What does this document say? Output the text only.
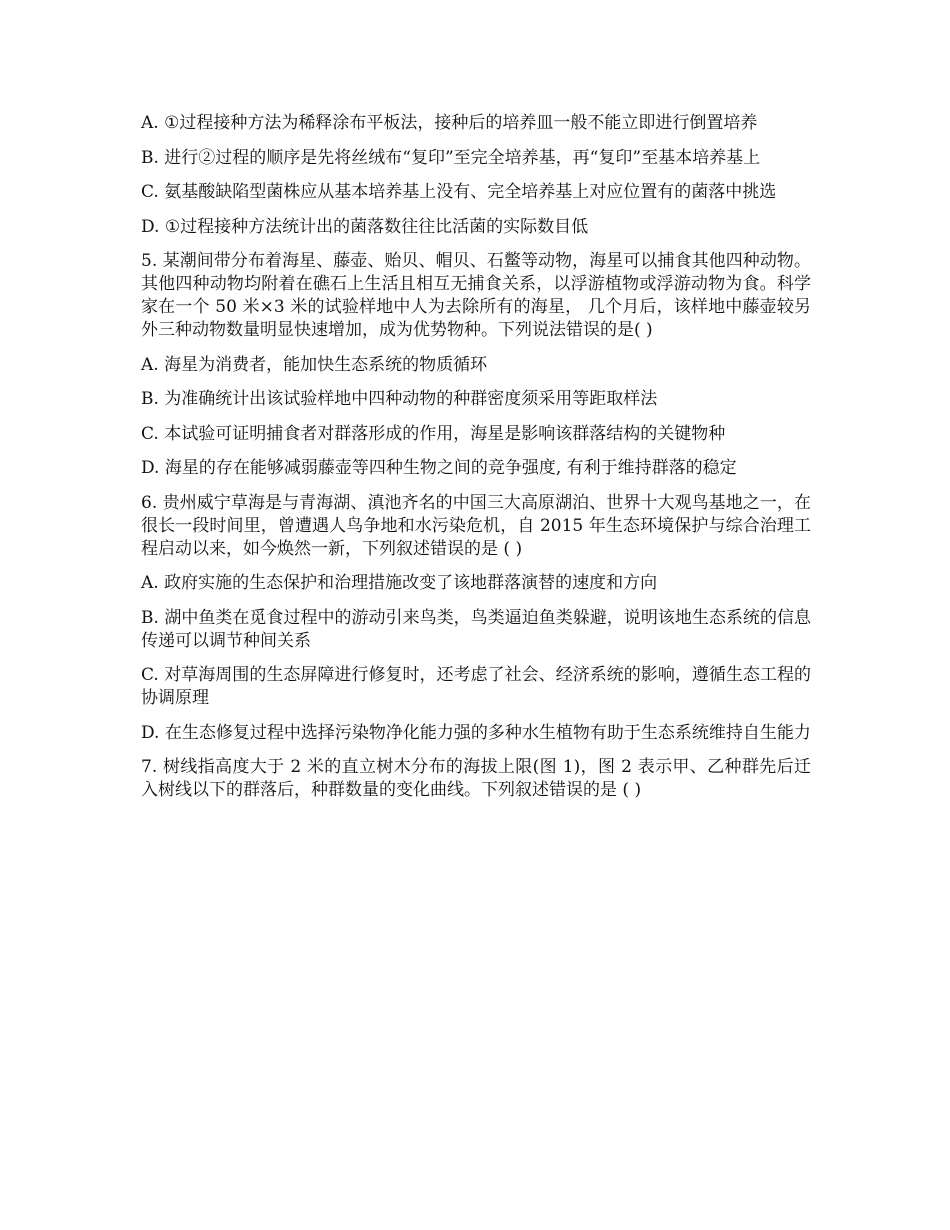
A. ①过程接种方法为稀释涂布平板法，接种后的培养皿一般不能立即进行倒置培养

B. 进行②过程的顺序是先将丝绒布“复印”至完全培养基，再“复印”至基本培养基上

C. 氨基酸缺陷型菌株应从基本培养基上没有、完全培养基上对应位置有的菌落中挑选

D. ①过程接种方法统计出的菌落数往往比活菌的实际数目低

5. 某潮间带分布着海星、藤壶、贻贝、帽贝、石鳖等动物，海星可以捕食其他四种动物。其他四种动物均附着在礁石上生活且相互无捕食关系，以浮游植物或浮游动物为食。科学家在一个 50 米×3 米的试验样地中人为去除所有的海星， 几个月后，该样地中藤壶较另外三种动物数量明显快速增加，成为优势物种。下列说法错误的是( )

A. 海星为消费者，能加快生态系统的物质循环

B. 为准确统计出该试验样地中四种动物的种群密度须采用等距取样法

C. 本试验可证明捕食者对群落形成的作用，海星是影响该群落结构的关键物种

D. 海星的存在能够减弱藤壶等四种生物之间的竞争强度, 有利于维持群落的稳定

6. 贵州威宁草海是与青海湖、滇池齐名的中国三大高原湖泊、世界十大观鸟基地之一，在很长一段时间里，曾遭遇人鸟争地和水污染危机，自 2015 年生态环境保护与综合治理工程启动以来，如今焕然一新，下列叙述错误的是 ( )

A. 政府实施的生态保护和治理措施改变了该地群落演替的速度和方向

B. 湖中鱼类在觅食过程中的游动引来鸟类，鸟类逼迫鱼类躲避，说明该地生态系统的信息传递可以调节种间关系

C. 对草海周围的生态屏障进行修复时，还考虑了社会、经济系统的影响，遵循生态工程的协调原理

D. 在生态修复过程中选择污染物净化能力强的多种水生植物有助于生态系统维持自生能力

7. 树线指高度大于 2 米的直立树木分布的海拔上限(图 1)，图 2 表示甲、乙种群先后迁入树线以下的群落后，种群数量的变化曲线。下列叙述错误的是 ( )
